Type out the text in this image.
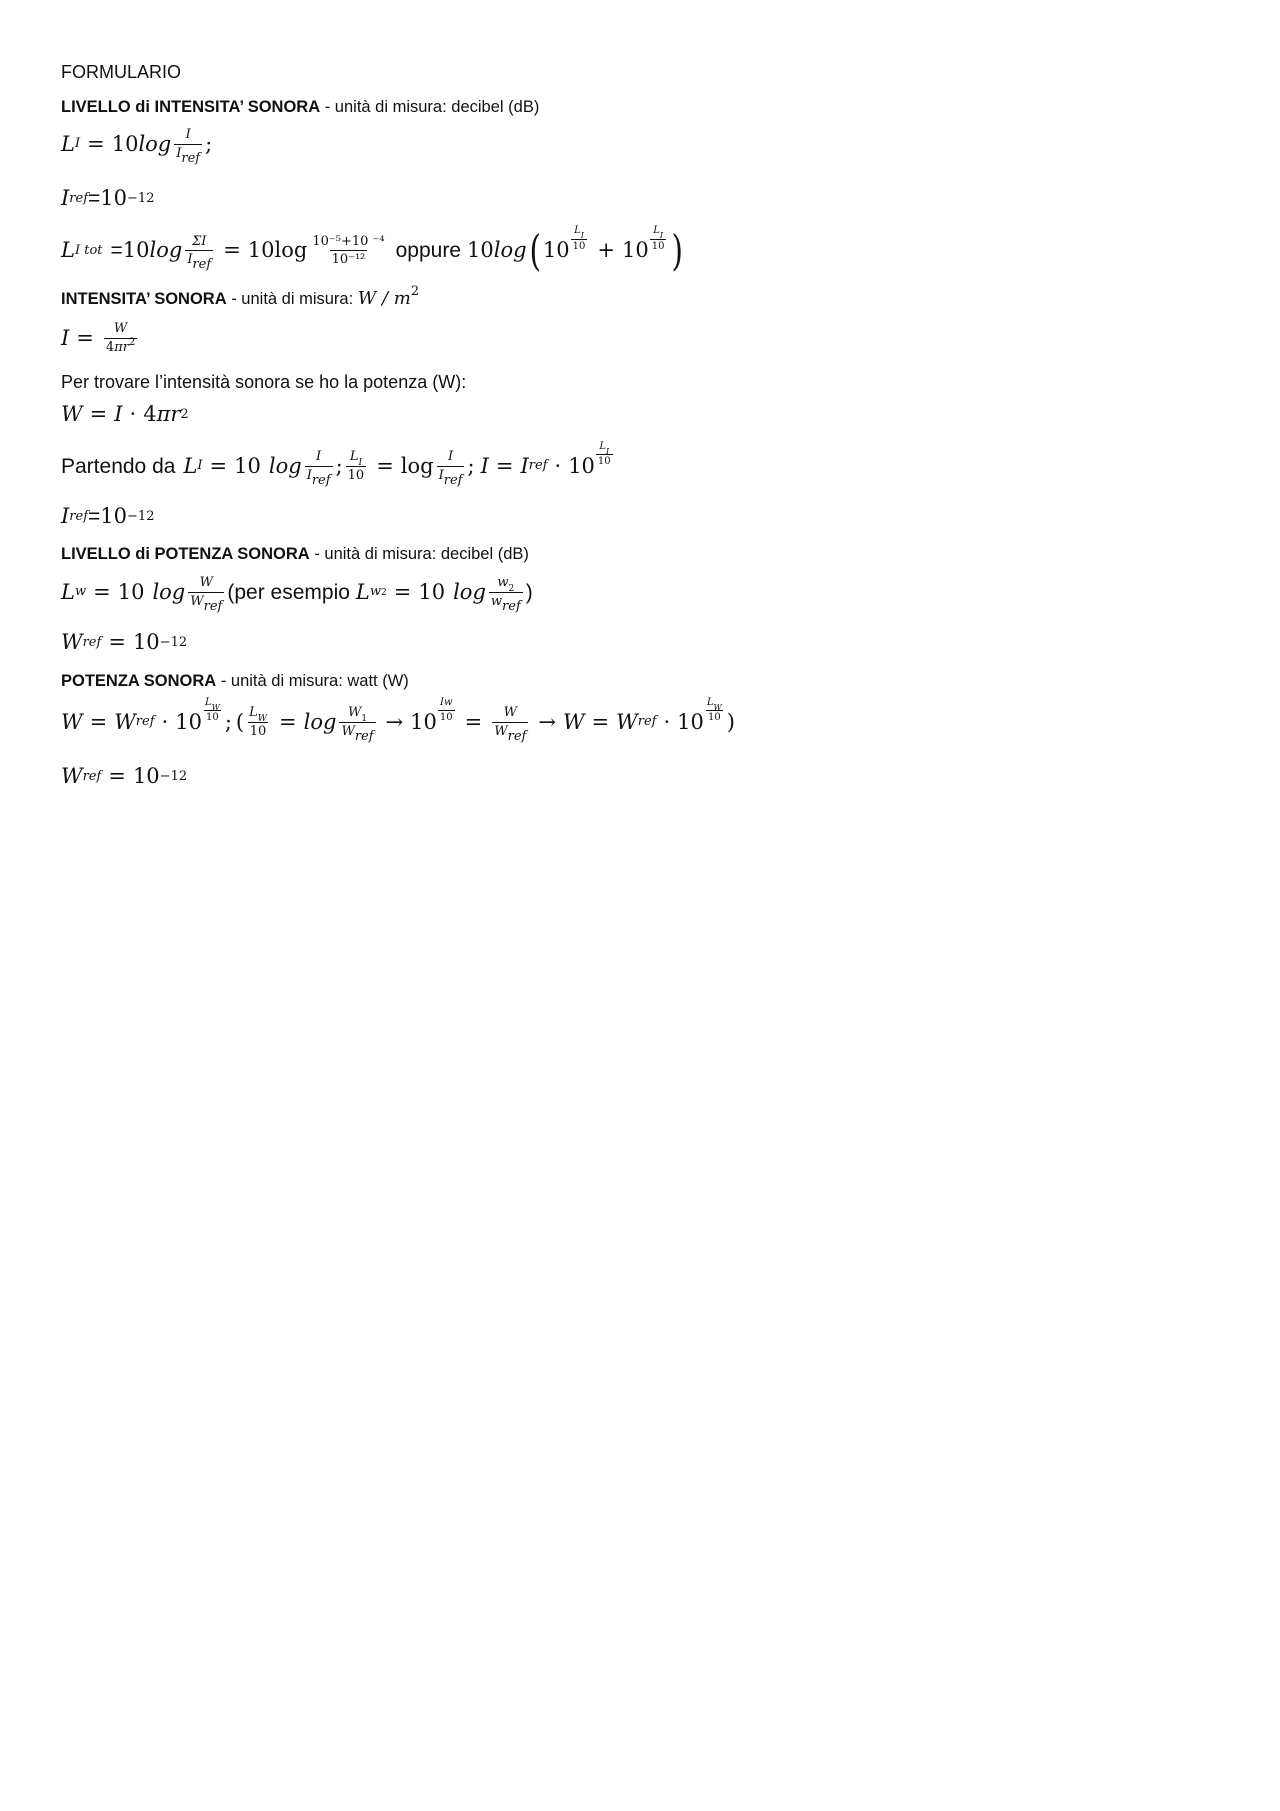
FORMULARIO
LIVELLO di INTENSITA’ SONORA - unità di misura: decibel (dB)
L I = 10 $\log \frac{I}{I_{ref}}$ ;
I ref = 10 −12
L I tot = 10 $\log \frac{\Sigma I}{I_{ref}} = 10$ $\log \frac{\text{10⁻⁵+10 ⁻⁴}}{\text{10⁻¹²}}$ oppure 10 log ( $10 \frac{L_I}{10} + 10 \frac{L_I}{10}$ )
INTENSITA’ SONORA - unità di misura: W / $m^2$
$I = \frac{W}{4\pi r^2}$
Per trovare l’intensità sonora se ho la potenza (W):
W = I · 4 πr 2
Partendo da L I = 10 $\log \frac{I}{I_{ref}}$ ; $\frac{L_I}{10} = \log \frac{I}{I_{ref}}$ ; I = I ref · $10 \frac{L_I}{10}$
I ref = 10 −12
LIVELLO di POTENZA SONORA - unità di misura: decibel (dB)
L w = 10 $\log \frac{W}{W_{ref}} (per$ esempio L w2 = 10 $\log \frac{w_2}{w_{ref}}$ )
W ref = 10 −12
POTENZA SONORA - unità di misura: watt (W)
W = W ref · $10 \frac{L_W}{10}$ ; ( $\frac{L_W}{10} = \log \frac{W_1}{W_{ref}} \to 10 \frac{Iw}{10} = \frac{W}{W_{ref}} \to W = W$ ref · $10 \frac{L_W}{10}$ )
W ref = 10 −12
